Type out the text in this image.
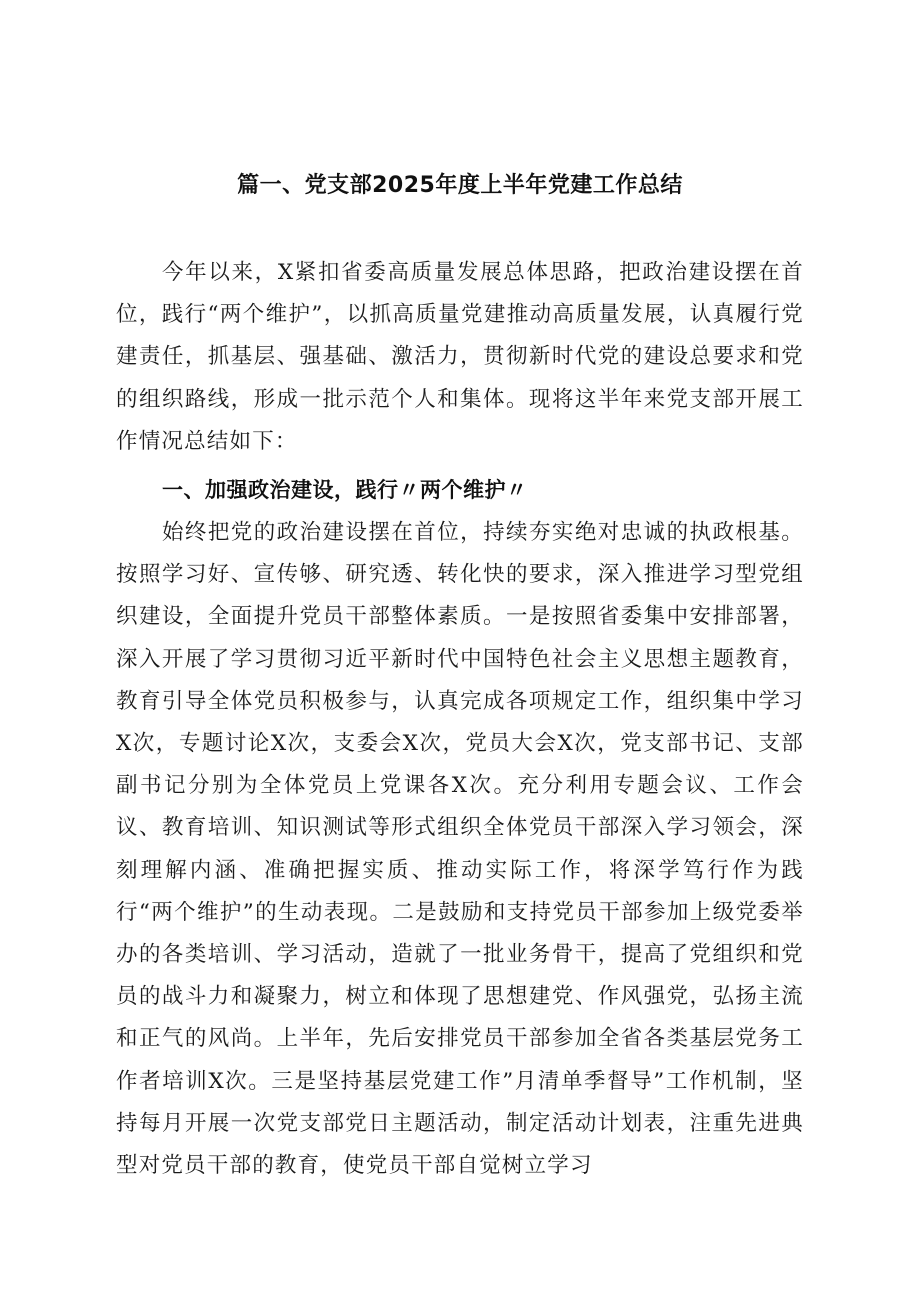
篇一、党支部2025年度上半年党建工作总结
今年以来，X紧扣省委高质量发展总体思路，把政治建设摆在首位，践行“两个维护”，以抓高质量党建推动高质量发展，认真履行党建责任，抓基层、强基础、激活力，贯彻新时代党的建设总要求和党的组织路线，形成一批示范个人和集体。现将这半年来党支部开展工作情况总结如下：
一、加强政治建设，践行〃两个维护〃
始终把党的政治建设摆在首位，持续夯实绝对忠诚的执政根基。按照学习好、宣传够、研究透、转化快的要求，深入推进学习型党组织建设，全面提升党员干部整体素质。一是按照省委集中安排部署，深入开展了学习贯彻习近平新时代中国特色社会主义思想主题教育，教育引导全体党员积极参与，认真完成各项规定工作，组织集中学习X次，专题讨论X次，支委会X次，党员大会X次，党支部书记、支部副书记分别为全体党员上党课各X次。充分利用专题会议、工作会议、教育培训、知识测试等形式组织全体党员干部深入学习领会，深刻理解内涵、准确把握实质、推动实际工作，将深学笃行作为践行“两个维护”的生动表现。二是鼓励和支持党员干部参加上级党委举办的各类培训、学习活动，造就了一批业务骨干，提高了党组织和党员的战斗力和凝聚力，树立和体现了思想建党、作风强党，弘扬主流和正气的风尚。上半年，先后安排党员干部参加全省各类基层党务工作者培训X次。三是坚持基层党建工作”月清单季督导”工作机制，坚持每月开展一次党支部党日主题活动，制定活动计划表，注重先进典型对党员干部的教育，使党员干部自觉树立学习
